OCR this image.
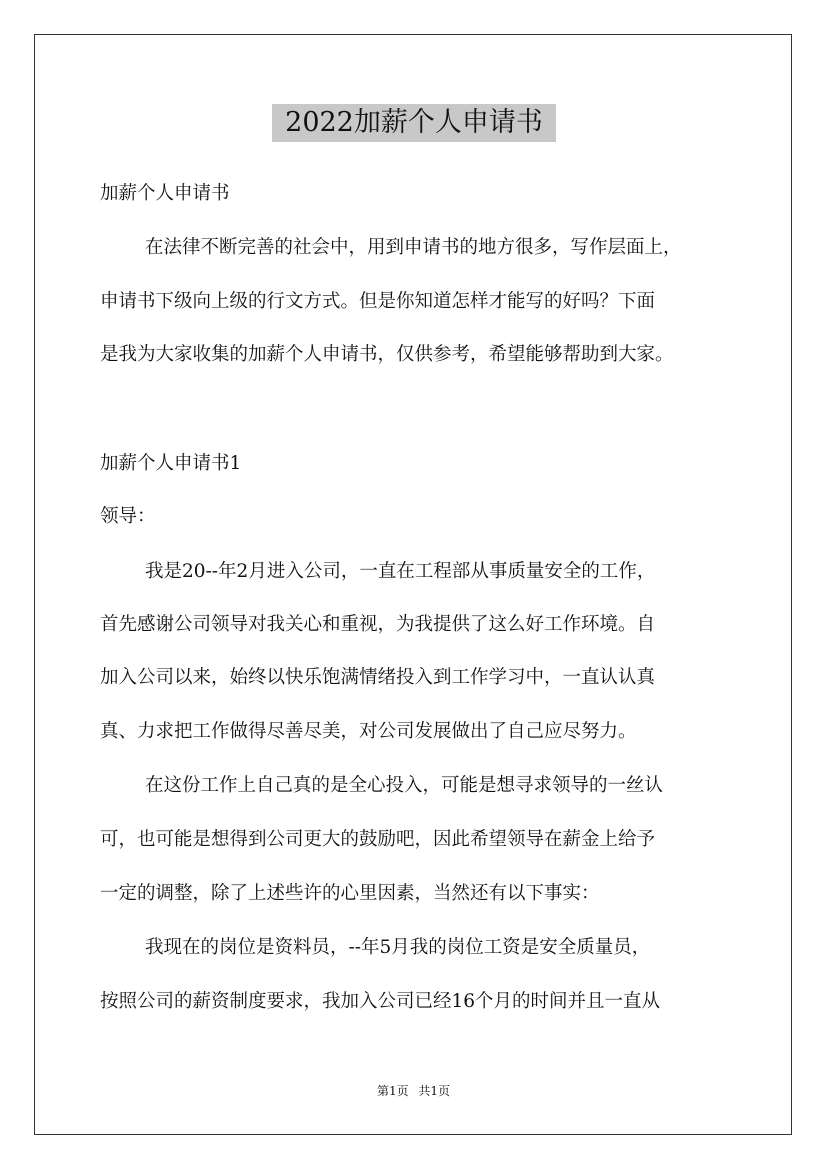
2022加薪个人申请书
加薪个人申请书
在法律不断完善的社会中，用到申请书的地方很多，写作层面上，
申请书下级向上级的行文方式。但是你知道怎样才能写的好吗？下面
是我为大家收集的加薪个人申请书，仅供参考，希望能够帮助到大家。
加薪个人申请书1
领导：
我是20--年2月进入公司，一直在工程部从事质量安全的工作，
首先感谢公司领导对我关心和重视，为我提供了这么好工作环境。自
加入公司以来，始终以快乐饱满情绪投入到工作学习中，一直认认真
真、力求把工作做得尽善尽美，对公司发展做出了自己应尽努力。
在这份工作上自己真的是全心投入，可能是想寻求领导的一丝认
可，也可能是想得到公司更大的鼓励吧，因此希望领导在薪金上给予
一定的调整，除了上述些许的心里因素，当然还有以下事实：
我现在的岗位是资料员，--年5月我的岗位工资是安全质量员，
按照公司的薪资制度要求，我加入公司已经16个月的时间并且一直从
第1页 共1页
